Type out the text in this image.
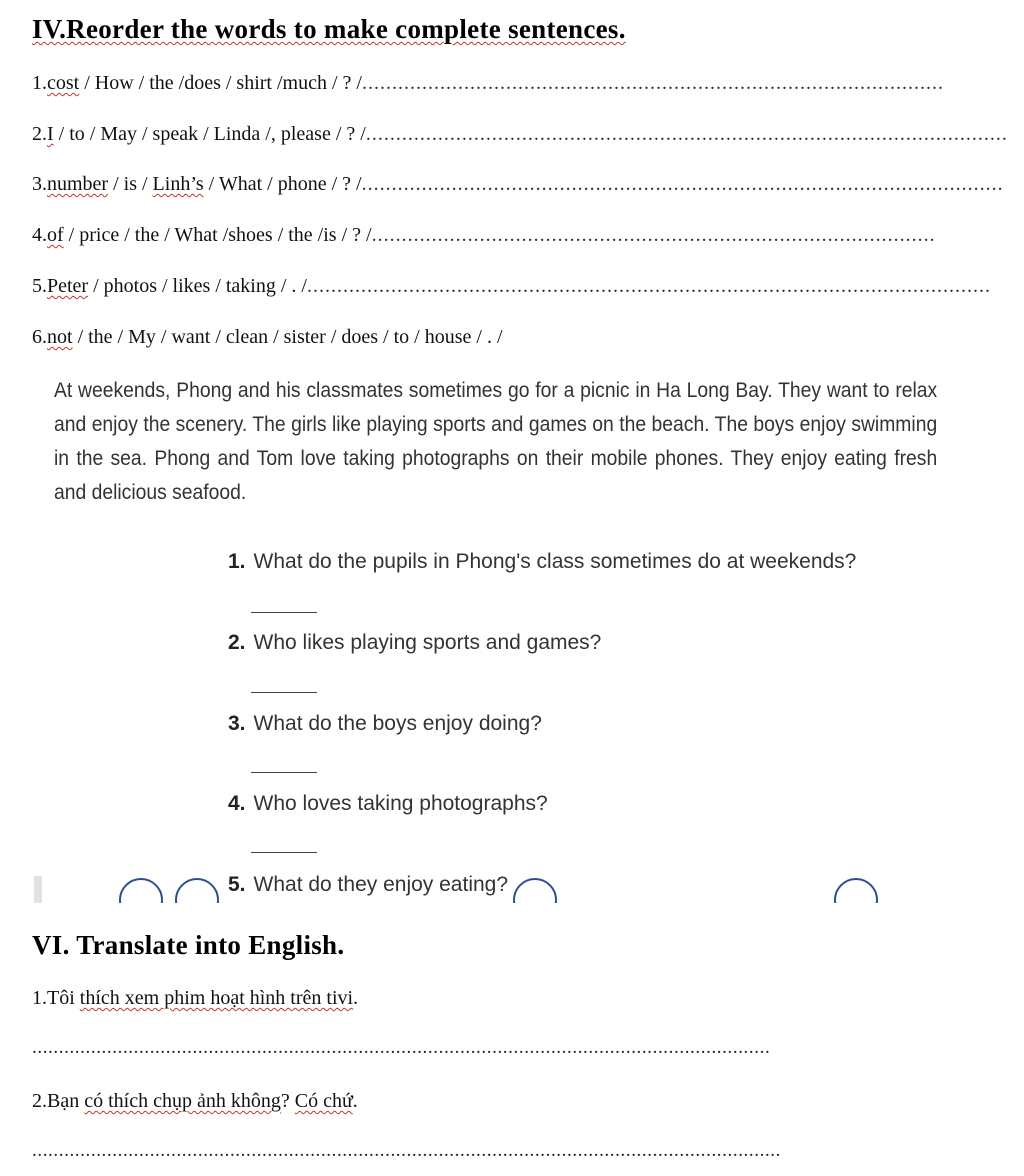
IV.Reorder the words to make complete sentences.
1.cost / How / the /does / shirt /much / ? /.................................................................................................
2.I / to / May / speak / Linda /, please / ? /...........................................................................................................
3.number / is / Linh’s / What / phone / ? /...........................................................................................................
4.of / price / the / What /shoes / the /is / ? /..............................................................................................
5.Peter / photos / likes / taking / . /..................................................................................................................
6.not / the / My / want / clean / sister / does / to / house / . /
At weekends, Phong and his classmates sometimes go for a picnic in Ha Long Bay. They want to relax and enjoy the scenery. The girls like playing sports and games on the beach. The boys enjoy swimming in the sea. Phong and Tom love taking photographs on their mobile phones. They enjoy eating fresh and delicious seafood.
1. What do the pupils in Phong's class sometimes do at weekends?
2. Who likes playing sports and games?
3. What do the boys enjoy doing?
4. Who loves taking photographs?
5. What do they enjoy eating?
VI. Translate into English.
1.Tôi thích xem phim hoạt hình trên tivi.
..........................................................................................................................................
2.Bạn có thích chụp ảnh không? Có chứ.
............................................................................................................................................
